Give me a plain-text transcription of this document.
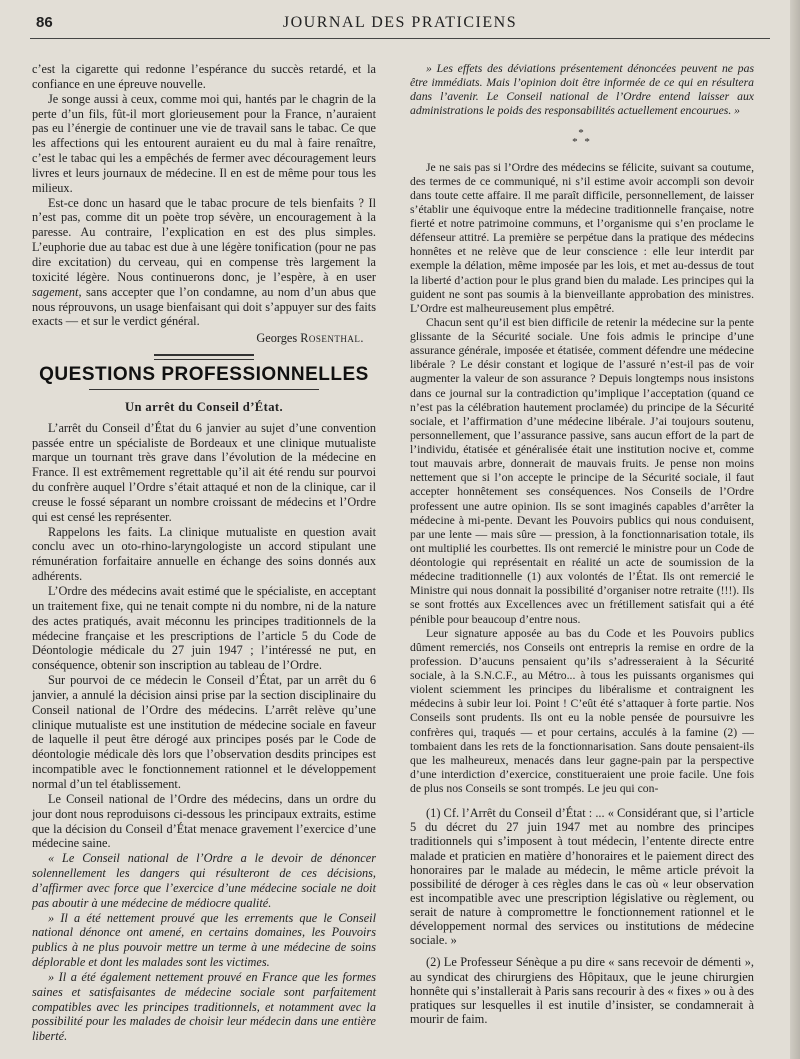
86	JOURNAL DES PRATICIENS

c’est la cigarette qui redonne l’espérance du succès retardé, et la confiance en une épreuve nouvelle.

Je songe aussi à ceux, comme moi qui, hantés par le chagrin de la perte d’un fils, fût-il mort glorieusement pour la France, n’auraient pas eu l’énergie de continuer une vie de travail sans le tabac. Ce que les affections qui les entourent auraient eu du mal à faire renaître, c’est le tabac qui les a empêchés de fermer avec découragement leurs livres et leurs journaux de médecine. Il en est de même pour tous les milieux.

Est-ce donc un hasard que le tabac procure de tels bienfaits ? Il n’est pas, comme dit un poète trop sévère, un encouragement à la paresse. Au contraire, l’explication en est des plus simples. L’euphorie due au tabac est due à une légère tonification (pour ne pas dire excitation) du cerveau, qui en compense très largement la toxicité légère. Nous continuerons donc, je l’espère, à en user sagement, sans accepter que l’on condamne, au nom d’un abus que nous réprouvons, un usage bienfaisant qui doit s’appuyer sur des faits exacts — et sur le verdict général.

Georges Rosenthal.
QUESTIONS PROFESSIONNELLES
Un arrêt du Conseil d’État.

L’arrêt du Conseil d’État du 6 janvier au sujet d’une convention passée entre un spécialiste de Bordeaux et une clinique mutualiste marque un tournant très grave dans l’évolution de la médecine en France. Il est extrêmement regrettable qu’il ait été rendu sur pourvoi du confrère auquel l’Ordre s’était attaqué et non de la clinique, car il creuse le fossé séparant un nombre croissant de médecins et l’Ordre qui est censé les représenter.

Rappelons les faits. La clinique mutualiste en question avait conclu avec un oto-rhino-laryngologiste un accord stipulant une rémunération forfaitaire annuelle en échange des soins donnés aux adhérents.

L’Ordre des médecins avait estimé que le spécialiste, en acceptant un traitement fixe, qui ne tenait compte ni du nombre, ni de la nature des actes pratiqués, avait méconnu les principes traditionnels de la médecine française et les prescriptions de l’article 5 du Code de Déontologie médicale du 27 juin 1947 ; l’intéressé ne put, en conséquence, obtenir son inscription au tableau de l’Ordre.

Sur pourvoi de ce médecin le Conseil d’État, par un arrêt du 6 janvier, a annulé la décision ainsi prise par la section disciplinaire du Conseil national de l’Ordre des médecins. L’arrêt relève qu’une clinique mutualiste est une institution de médecine sociale en faveur de laquelle il peut être dérogé aux principes posés par le Code de déontologie médicale dès lors que l’observation desdits principes est incompatible avec le fonctionnement rationnel et le développement normal d’un tel établissement.

Le Conseil national de l’Ordre des médecins, dans un ordre du jour dont nous reproduisons ci-dessous les principaux extraits, estime que la décision du Conseil d’État menace gravement l’exercice d’une médecine saine.

« Le Conseil national de l’Ordre a le devoir de dénoncer solennellement les dangers qui résulteront de ces décisions, d’affirmer avec force que l’exercice d’une médecine sociale ne doit pas aboutir à une médecine de médiocre qualité.

» Il a été nettement prouvé que les errements que le Conseil national dénonce ont amené, en certains domaines, les Pouvoirs publics à ne plus pouvoir mettre un terme à une médecine de soins déplorable et dont les malades sont les victimes.

» Il a été également nettement prouvé en France que les formes saines et satisfaisantes de médecine sociale sont parfaitement compatibles avec les principes traditionnels, et notamment avec la possibilité pour les malades de choisir leur médecin dans une entière liberté.

» Les effets des déviations présentement dénoncées peuvent ne pas être immédiats. Mais l’opinion doit être informée de ce qui en résultera dans l’avenir. Le Conseil national de l’Ordre entend laisser aux administrations le poids des responsabilités actuellement encourues. »

*
* *

Je ne sais pas si l’Ordre des médecins se félicite, suivant sa coutume, des termes de ce communiqué, ni s’il estime avoir accompli son devoir dans toute cette affaire. Il me paraît difficile, personnellement, de laisser s’établir une équivoque entre la médecine traditionnelle française, notre fierté et notre patrimoine communs, et l’organisme qui s’en proclame le défenseur attitré. La première se perpétue dans la pratique des médecins honnêtes et ne relève que de leur conscience : elle leur interdit par exemple la délation, même imposée par les lois, et met au-dessus de tout la liberté d’action pour le plus grand bien du malade. Les principes qui la guident ne sont pas soumis à la bienveillante approbation des ministres. L’Ordre est malheureusement plus empêtré.

Chacun sent qu’il est bien difficile de retenir la médecine sur la pente glissante de la Sécurité sociale. Une fois admis le principe d’une assurance générale, imposée et étatisée, comment défendre une médecine libérale ? Le désir constant et logique de l’assuré n’est-il pas de voir augmenter la valeur de son assurance ? Depuis longtemps nous insistons dans ce journal sur la contradiction qu’implique l’acceptation (quand ce n’est pas la célébration hautement proclamée) du principe de la Sécurité sociale, et l’affirmation d’une médecine libérale. J’ai toujours soutenu, personnellement, que l’assurance passive, sans aucun effort de la part de l’individu, étatisée et généralisée était une institution nocive et, comme tout mauvais arbre, donnerait de mauvais fruits. Je pense non moins nettement que si l’on accepte le principe de la Sécurité sociale, il faut accepter honnêtement ses conséquences. Nos Conseils de l’Ordre professent une autre opinion. Ils se sont imaginés capables d’arrêter la médecine à mi-pente. Devant les Pouvoirs publics qui nous conduisent, par une lente — mais sûre — pression, à la fonctionnarisation totale, ils ont multiplié les courbettes. Ils ont remercié le ministre pour un Code de déontologie qui représentait en réalité un acte de soumission de la médecine traditionnelle (1) aux volontés de l’État. Ils ont remercié le Ministre qui nous donnait la possibilité d’organiser notre retraite (!!!). Ils se sont frottés aux Excellences avec un frétillement satisfait qui a été pénible pour beaucoup d’entre nous.

Leur signature apposée au bas du Code et les Pouvoirs publics dûment remerciés, nos Conseils ont entrepris la remise en ordre de la profession. D’aucuns pensaient qu’ils s’adresseraient à la Sécurité sociale, à la S.N.C.F., au Métro... à tous les puissants organismes qui violent sciemment les principes du libéralisme et contraignent les médecins à subir leur loi. Point ! C’eût été s’attaquer à forte partie. Nos Conseils sont prudents. Ils ont eu la noble pensée de poursuivre les confrères qui, traqués — et pour certains, acculés à la famine (2) — tombaient dans les rets de la fonctionnarisation. Sans doute pensaient-ils que les malheureux, menacés dans leur gagne-pain par la perspective d’une interdiction d’exercice, constitueraient une proie facile. Une fois de plus nos Conseils se sont trompés. Le jeu qui con-

(1) Cf. l’Arrêt du Conseil d’État : ... « Considérant que, si l’article 5 du décret du 27 juin 1947 met au nombre des principes traditionnels qui s’imposent à tout médecin, l’entente directe entre malade et praticien en matière d’honoraires et le paiement direct des honoraires par le malade au médecin, le même article prévoit la possibilité de déroger à ces règles dans le cas où « leur observation est incompatible avec une prescription législative ou règlement, ou serait de nature à compromettre le fonctionnement rationnel et le développement normal des services ou institutions de médecine sociale. »

(2) Le Professeur Sénèque a pu dire « sans recevoir de démenti », au syndicat des chirurgiens des Hôpitaux, que le jeune chirurgien honnête qui s’installerait à Paris sans recourir à des « fixes » ou à des pratiques sur lesquelles il est inutile d’insister, se condamnerait à mourir de faim.
